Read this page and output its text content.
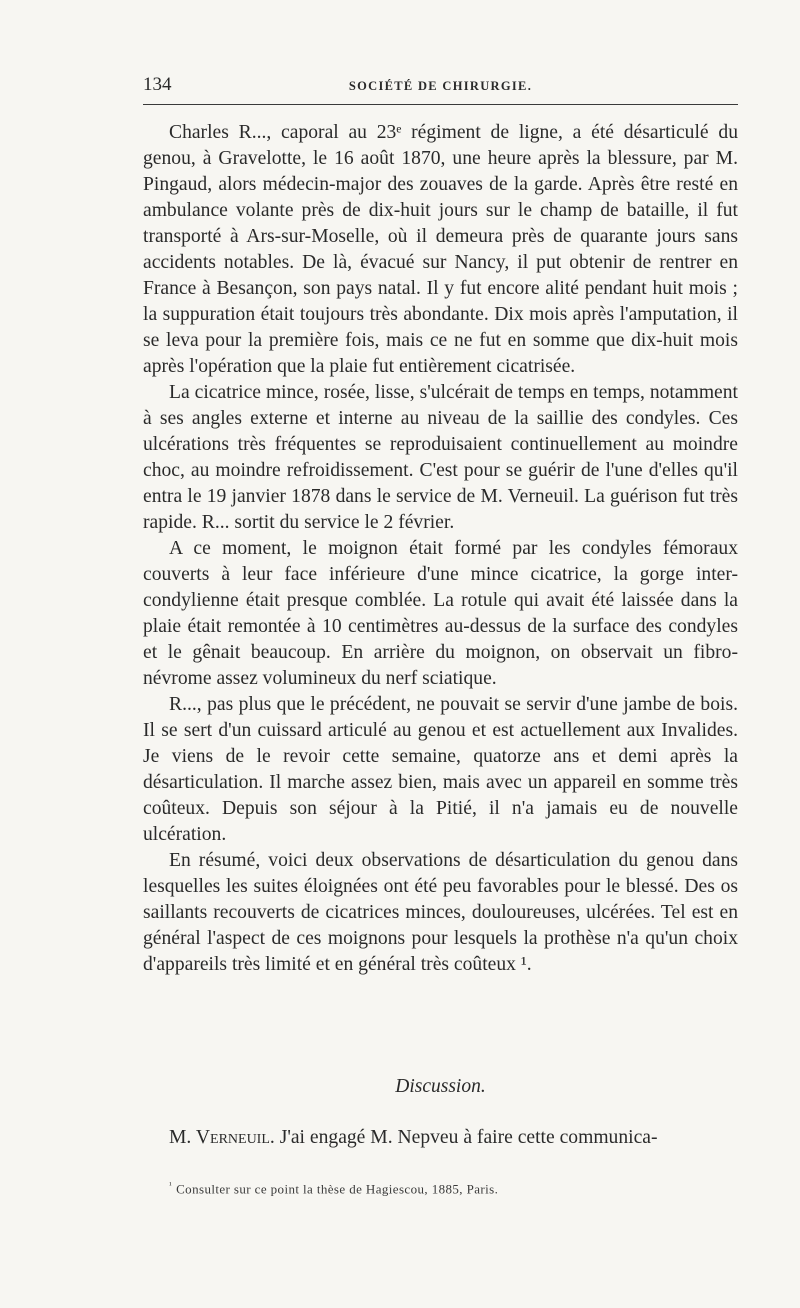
134	SOCIÉTÉ DE CHIRURGIE.

Charles R..., caporal au 23ᵉ régiment de ligne, a été désarticulé du genou, à Gravelotte, le 16 août 1870, une heure après la blessure, par M. Pingaud, alors médecin-major des zouaves de la garde. Après être resté en ambulance volante près de dix-huit jours sur le champ de bataille, il fut transporté à Ars-sur-Moselle, où il demeura près de quarante jours sans accidents notables. De là, évacué sur Nancy, il put obtenir de rentrer en France à Besançon, son pays natal. Il y fut encore alité pendant huit mois ; la suppuration était toujours très abondante. Dix mois après l'amputation, il se leva pour la première fois, mais ce ne fut en somme que dix-huit mois après l'opération que la plaie fut entièrement cicatrisée.

La cicatrice mince, rosée, lisse, s'ulcérait de temps en temps, notamment à ses angles externe et interne au niveau de la saillie des condyles. Ces ulcérations très fréquentes se reproduisaient continuellement au moindre choc, au moindre refroidissement. C'est pour se guérir de l'une d'elles qu'il entra le 19 janvier 1878 dans le service de M. Verneuil. La guérison fut très rapide. R... sortit du service le 2 février.

A ce moment, le moignon était formé par les condyles fémoraux couverts à leur face inférieure d'une mince cicatrice, la gorge inter-condylienne était presque comblée. La rotule qui avait été laissée dans la plaie était remontée à 10 centimètres au-dessus de la surface des condyles et le gênait beaucoup. En arrière du moignon, on observait un fibro-névrome assez volumineux du nerf sciatique.

R..., pas plus que le précédent, ne pouvait se servir d'une jambe de bois. Il se sert d'un cuissard articulé au genou et est actuellement aux Invalides. Je viens de le revoir cette semaine, quatorze ans et demi après la désarticulation. Il marche assez bien, mais avec un appareil en somme très coûteux. Depuis son séjour à la Pitié, il n'a jamais eu de nouvelle ulcération.

En résumé, voici deux observations de désarticulation du genou dans lesquelles les suites éloignées ont été peu favorables pour le blessé. Des os saillants recouverts de cicatrices minces, douloureuses, ulcérées. Tel est en général l'aspect de ces moignons pour lesquels la prothèse n'a qu'un choix d'appareils très limité et en général très coûteux ¹.

Discussion.

M. Verneuil. J'ai engagé M. Nepveu à faire cette communica-

$^{^1}$ Consulter sur ce point la thèse de Hagiescou, 1885, Paris.
